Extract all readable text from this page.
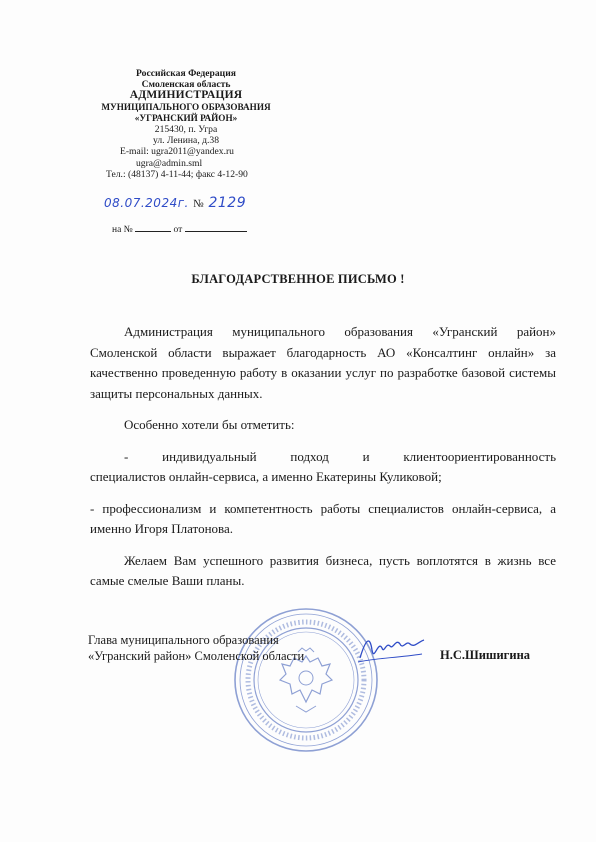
Российская Федерация
Смоленская область
АДМИНИСТРАЦИЯ
МУНИЦИПАЛЬНОГО ОБРАЗОВАНИЯ
«УГРАНСКИЙ РАЙОН»
215430, п. Угра
ул. Ленина, д.38
E-mail: ugra2011@yandex.ru
ugra@admin.sml
Тел.: (48137) 4-11-44; факс 4-12-90
08.07.2024г. № 2129
на №	от
БЛАГОДАРСТВЕННОЕ ПИСЬМО !

Администрация муниципального образования «Угранский район» Смоленской области выражает благодарность АО «Консалтинг онлайн» за качественно проведенную работу в оказании услуг по разработке базовой системы защиты персональных данных.

Особенно хотели бы отметить:

- индивидуальный подход и клиентоориентированность

специалистов онлайн-сервиса, а именно Екатерины Куликовой;

- профессионализм и компетентность работы специалистов онлайн-сервиса, а именно Игоря Платонова.

Желаем Вам успешного развития бизнеса, пусть воплотятся в жизнь все самые смелые Ваши планы.

Глава муниципального образования
«Угранский район» Смоленской области	Н.С.Шишигина
